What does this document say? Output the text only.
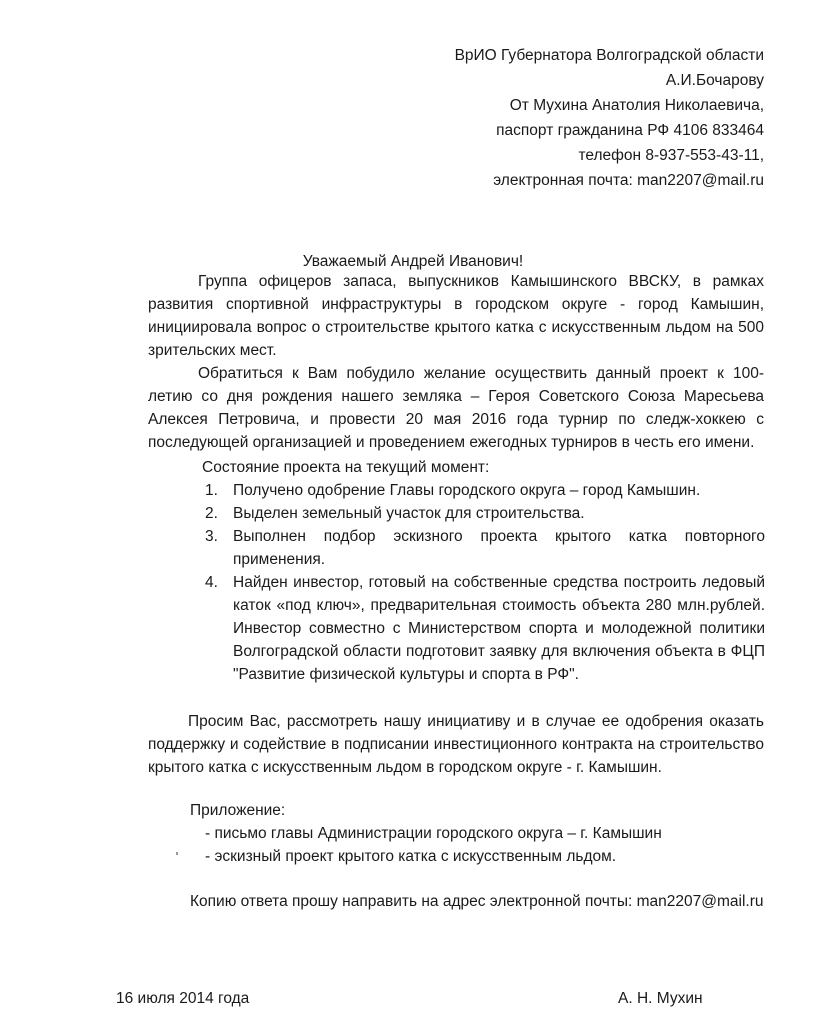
ВрИО Губернатора Волгоградской области
А.И.Бочарову
От Мухина Анатолия Николаевича,
паспорт гражданина РФ 4106 833464
телефон 8-937-553-43-11,
электронная почта: man2207@mail.ru
Уважаемый Андрей Иванович!

Группа офицеров запаса, выпускников Камышинского ВВСКУ, в рамках развития спортивной инфраструктуры в городском округе - город Камышин, инициировала вопрос о строительстве крытого катка с искусственным льдом на 500 зрительских мест.

Обратиться к Вам побудило желание осуществить данный проект к 100-летию со дня рождения нашего земляка – Героя Советского Союза Маресьева Алексея Петровича, и провести 20 мая 2016 года турнир по следж-хоккею с последующей организацией и проведением ежегодных турниров в честь его имени.

Состояние проекта на текущий момент:
1. Получено одобрение Главы городского округа – город Камышин.
2. Выделен земельный участок для строительства.
3. Выполнен подбор эскизного проекта крытого катка повторного применения.
4. Найден инвестор, готовый на собственные средства построить ледовый каток «под ключ», предварительная стоимость объекта 280 млн.рублей. Инвестор совместно с Министерством спорта и молодежной политики Волгоградской области подготовит заявку для включения объекта в ФЦП "Развитие физической культуры и спорта в РФ".
Просим Вас, рассмотреть нашу инициативу и в случае ее одобрения оказать поддержку и содействие в подписании инвестиционного контракта на строительство крытого катка с искусственным льдом в городском округе - г. Камышин.
Приложение:
- письмо главы Администрации городского округа – г. Камышин
- эскизный проект крытого катка с искусственным льдом.
Копию ответа прошу направить на адрес электронной почты: man2207@mail.ru
16 июля 2014 года	А. Н. Мухин
